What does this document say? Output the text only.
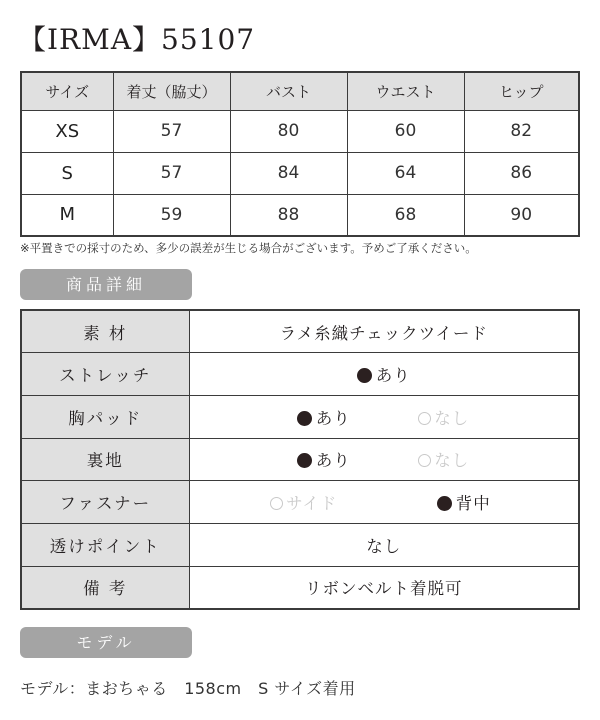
【IRMA】55107
サイズ	着丈（脇丈）	バスト	ウエスト	ヒップ
XS	57	80	60	82
S	57	84	64	86
M	59	88	68	90
※平置きでの採寸のため、多少の誤差が生じる場合がございます。予めご了承ください。
商品詳細
素 材	ラメ糸織チェックツイード
ストレッチ	あり
胸パッド	あり なし

裏地	あり なし

ファスナー	サイド 背中

透けポイント	なし
備 考	リボンベルト着脱可
モデル
モデル：まおちゃる　158cm　S サイズ着用
